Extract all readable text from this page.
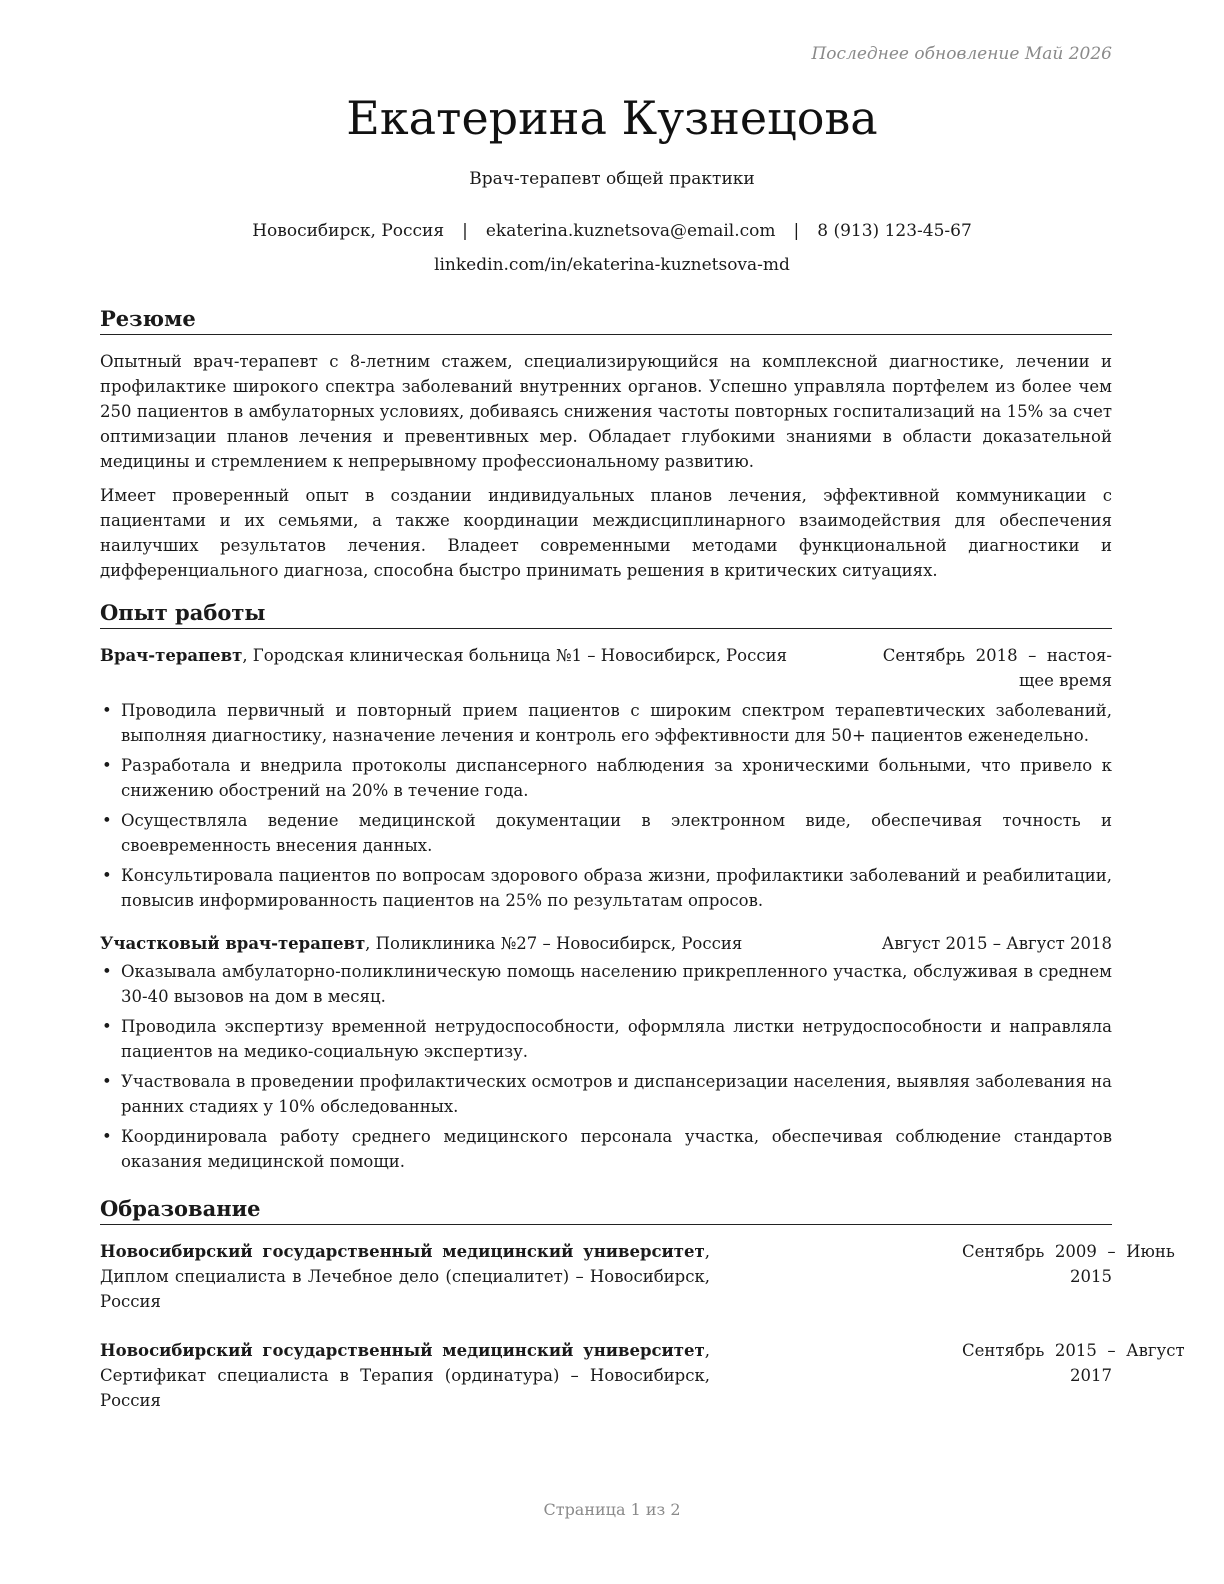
Последнее обновление Май 2026
Екатерина Кузнецова
Врач-терапевт общей практики
Новосибирск, Россия | ekaterina.kuznetsova@email.com | 8 (913) 123-45-67
linkedin.com/in/ekaterina-kuznetsova-md
Резюме

Опытный врач-терапевт с 8-летним стажем, специализирующийся на комплексной диагностике, лечении и профилактике широкого спектра заболеваний внутренних органов. Успешно управляла портфелем из более чем 250 пациентов в амбулаторных условиях, добиваясь снижения частоты повторных госпитализаций на 15% за счет оптимизации планов лечения и превентивных мер. Обладает глубокими знаниями в области доказательной медицины и стремлением к непрерывному профессиональному развитию.

Имеет проверенный опыт в создании индивидуальных планов лечения, эффективной коммуникации с пациентами и их семьями, а также координации междисциплинарного взаимодействия для обеспечения наилучших результатов лечения. Владеет современными методами функциональной диагностики и дифференциального диагноза, способна быстро принимать решения в критических ситуациях.

Опыт работы
Врач-терапевт, Городская клиническая больница №1 – Новосибирск, Россия	Сентябрь  2018  –  настоя-
щее время
• Проводила первичный и повторный прием пациентов с широким спектром терапевтических заболеваний, выполняя диагностику, назначение лечения и контроль его эффективности для 50+ пациентов еженедельно.
• Разработала и внедрила протоколы диспансерного наблюдения за хроническими больными, что привело к снижению обострений на 20% в течение года.
• Осуществляла ведение медицинской документации в электронном виде, обеспечивая точность и своевременность внесения данных.
• Консультировала пациентов по вопросам здорового образа жизни, профилактики заболеваний и реабилитации, повысив информированность пациентов на 25% по результатам опросов.
Участковый врач-терапевт, Поликлиника №27 – Новосибирск, Россия	Август 2015 – Август 2018
• Оказывала амбулаторно-поликлиническую помощь населению прикрепленного участка, обслуживая в среднем 30-40 вызовов на дом в месяц.
• Проводила экспертизу временной нетрудоспособности, оформляла листки нетрудоспособности и направляла пациентов на медико-социальную экспертизу.
• Участвовала в проведении профилактических осмотров и диспансеризации населения, выявляя заболевания на ранних стадиях у 10% обследованных.
• Координировала работу среднего медицинского персонала участка, обеспечивая соблюдение стандартов оказания медицинской помощи.
Образование
Новосибирский государственный медицинский университет, Диплом специалиста в Лечебное дело (специалитет) – Новосибирск, Россия
Сентябрь  2009  –  Июнь
2015
Новосибирский государственный медицинский университет, Сертификат специалиста в Терапия (ординатура) – Новосибирск, Россия
Сентябрь  2015  –  Август
2017
Страница 1 из 2
